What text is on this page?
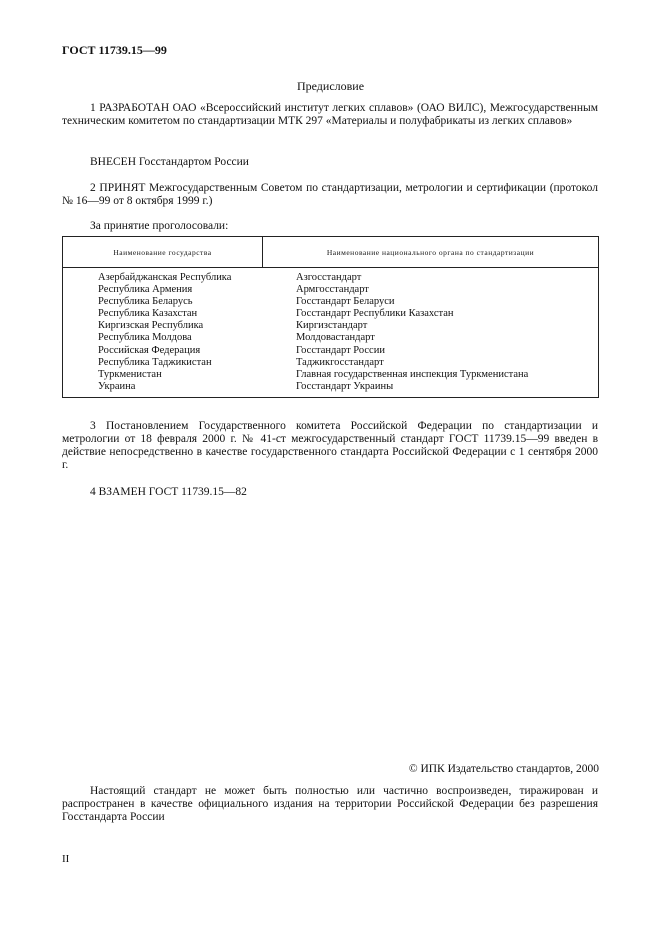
ГОСТ 11739.15—99
Предисловие
1 РАЗРАБОТАН ОАО «Всероссийский институт легких сплавов» (ОАО ВИЛС), Межгосударственным техническим комитетом по стандартизации МТК 297 «Материалы и полуфабрикаты из легких сплавов»
ВНЕСЕН Госстандартом России
2 ПРИНЯТ Межгосударственным Советом по стандартизации, метрологии и сертификации (протокол № 16—99 от 8 октября 1999 г.)
За принятие проголосовали:
Наименование государства	Наименование национального органа по стандартизации
Азербайджанская Республика	Азгосстандарт
Республика Армения	Армгосстандарт
Республика Беларусь	Госстандарт Беларуси
Республика Казахстан	Госстандарт Республики Казахстан
Киргизская Республика	Киргизстандарт
Республика Молдова	Молдовастандарт
Российская Федерация	Госстандарт России
Республика Таджикистан	Таджикгосстандарт
Туркменистан	Главная государственная инспекция Туркменистана
Украина	Госстандарт Украины
3 Постановлением Государственного комитета Российской Федерации по стандартизации и метрологии от 18 февраля 2000 г. № 41-ст межгосударственный стандарт ГОСТ 11739.15—99 введен в действие непосредственно в качестве государственного стандарта Российской Федерации с 1 сентября 2000 г.
4 ВЗАМЕН ГОСТ 11739.15—82
© ИПК Издательство стандартов, 2000
Настоящий стандарт не может быть полностью или частично воспроизведен, тиражирован и распространен в качестве официального издания на территории Российской Федерации без разрешения Госстандарта России
II
